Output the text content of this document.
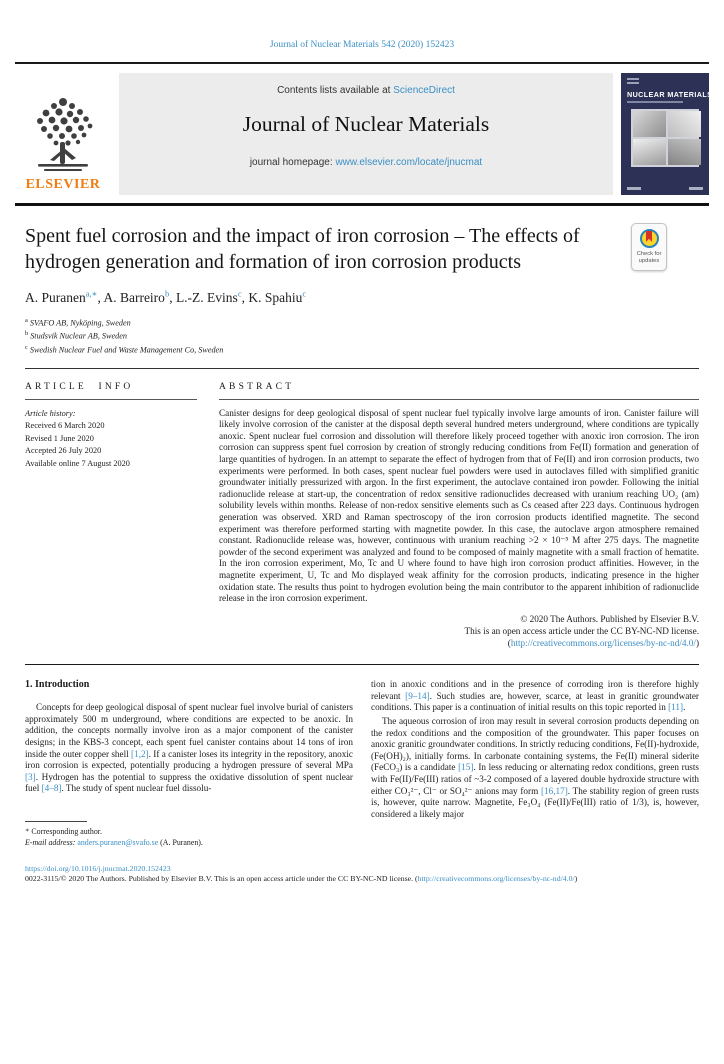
Journal of Nuclear Materials 542 (2020) 152423
ELSEVIER
Contents lists available at ScienceDirect
Journal of Nuclear Materials
journal homepage: www.elsevier.com/locate/jnucmat
NUCLEAR MATERIALS
Spent fuel corrosion and the impact of iron corrosion – The effects of hydrogen generation and formation of iron corrosion products	Check for
updates
A. Puranen$^{a,∗}$, A. Barreiro$^b$, L.-Z. Evins$^c$, K. Spahiu$^c$
$^a$ SVAFO AB, Nyköping, Sweden
$^b$ Studsvik Nuclear AB, Sweden
$^c$ Swedish Nuclear Fuel and Waste Management Co, Sweden
ARTICLE INFO
Article history:
Received 6 March 2020
Revised 1 June 2020
Accepted 26 July 2020
Available online 7 August 2020
ABSTRACT
Canister designs for deep geological disposal of spent nuclear fuel typically involve large amounts of iron. Canister failure will likely involve corrosion of the canister at the disposal depth several hundred meters underground, where conditions are typically anoxic. Spent nuclear fuel corrosion and dissolution will therefore likely proceed together with anoxic iron corrosion. The iron corrosion can suppress spent fuel corrosion by creation of strongly reducing conditions from Fe(II) formation and generation of large quantities of hydrogen. In an attempt to separate the effect of hydrogen from that of Fe(II) and iron corrosion products, two experiments were performed. In both cases, spent nuclear fuel powders were used in autoclaves filled with simplified granitic groundwater initially pressurized with argon. In the first experiment, the autoclave contained iron powder. Following the initial radionuclide release at start-up, the concentration of redox sensitive radionuclides decreased with uranium reaching UO₂ (am) solubility levels within months. Release of non-redox sensitive elements such as Cs ceased after 223 days. Continuous hydrogen generation was observed. XRD and Raman spectroscopy of the iron corrosion products identified magnetite. The second experiment was therefore performed starting with magnetite powder. In this case, the autoclave argon atmosphere remained constant. Radionuclide release was, however, continuous with uranium reaching >2 × 10⁻⁵ M after 275 days. The magnetite powder of the second experiment was analyzed and found to be composed of mainly magnetite with a small fraction of hematite. In the iron corrosion experiment, Mo, Tc and U where found to have high iron corrosion product affinities. However, in the magnetite experiment, U, Tc and Mo displayed weak affinity for the corrosion products, indicating presence in the higher oxidation state. The results thus point to hydrogen evolution being the main contributor to the apparent inhibition of radionuclide release in the iron corrosion experiment.
© 2020 The Authors. Published by Elsevier B.V.
This is an open access article under the CC BY-NC-ND license.
(http://creativecommons.org/licenses/by-nc-nd/4.0/)
1. Introduction

Concepts for deep geological disposal of spent nuclear fuel involve burial of canisters approximately 500 m underground, where conditions are expected to be anoxic. In addition, the concepts normally involve iron as a major component of the canister designs; in the KBS-3 concept, each spent fuel canister contains about 14 tons of iron inside the outer copper shell [1,2]. If a canister loses its integrity in the repository, anoxic iron corrosion is expected, potentially producing a hydrogen pressure of several MPa [3]. Hydrogen has the potential to suppress the oxidative dissolution of spent nuclear fuel [4–8]. The study of spent nuclear fuel dissolu-

∗ Corresponding author.
E-mail address: anders.puranen@svafo.se (A. Puranen).

tion in anoxic conditions and in the presence of corroding iron is therefore highly relevant [9–14]. Such studies are, however, scarce, at least in granitic groundwater conditions. This paper is a continuation of initial results on this topic reported in [11].

The aqueous corrosion of iron may result in several corrosion products depending on the redox conditions and the composition of the groundwater. This paper focuses on anoxic granitic groundwater conditions. In strictly reducing conditions, Fe(II)-hydroxide, (Fe(OH)₂), initially forms. In carbonate containing systems, the Fe(II) mineral siderite (FeCO₃) is a candidate [15]. In less reducing or alternating redox conditions, green rusts with Fe(II)/Fe(III) ratios of ~3-2 composed of a layered double hydroxide structure with either CO₃²⁻, Cl⁻ or SO₄²⁻ anions may form [16,17]. The stability region of green rusts is, however, quite narrow. Magnetite, Fe₃O₄ (Fe(II)/Fe(III) ratio of 1/3), is, however, considered a likely major

https://doi.org/10.1016/j.jnucmat.2020.152423
0022-3115/© 2020 The Authors. Published by Elsevier B.V. This is an open access article under the CC BY-NC-ND license. (http://creativecommons.org/licenses/by-nc-nd/4.0/)
